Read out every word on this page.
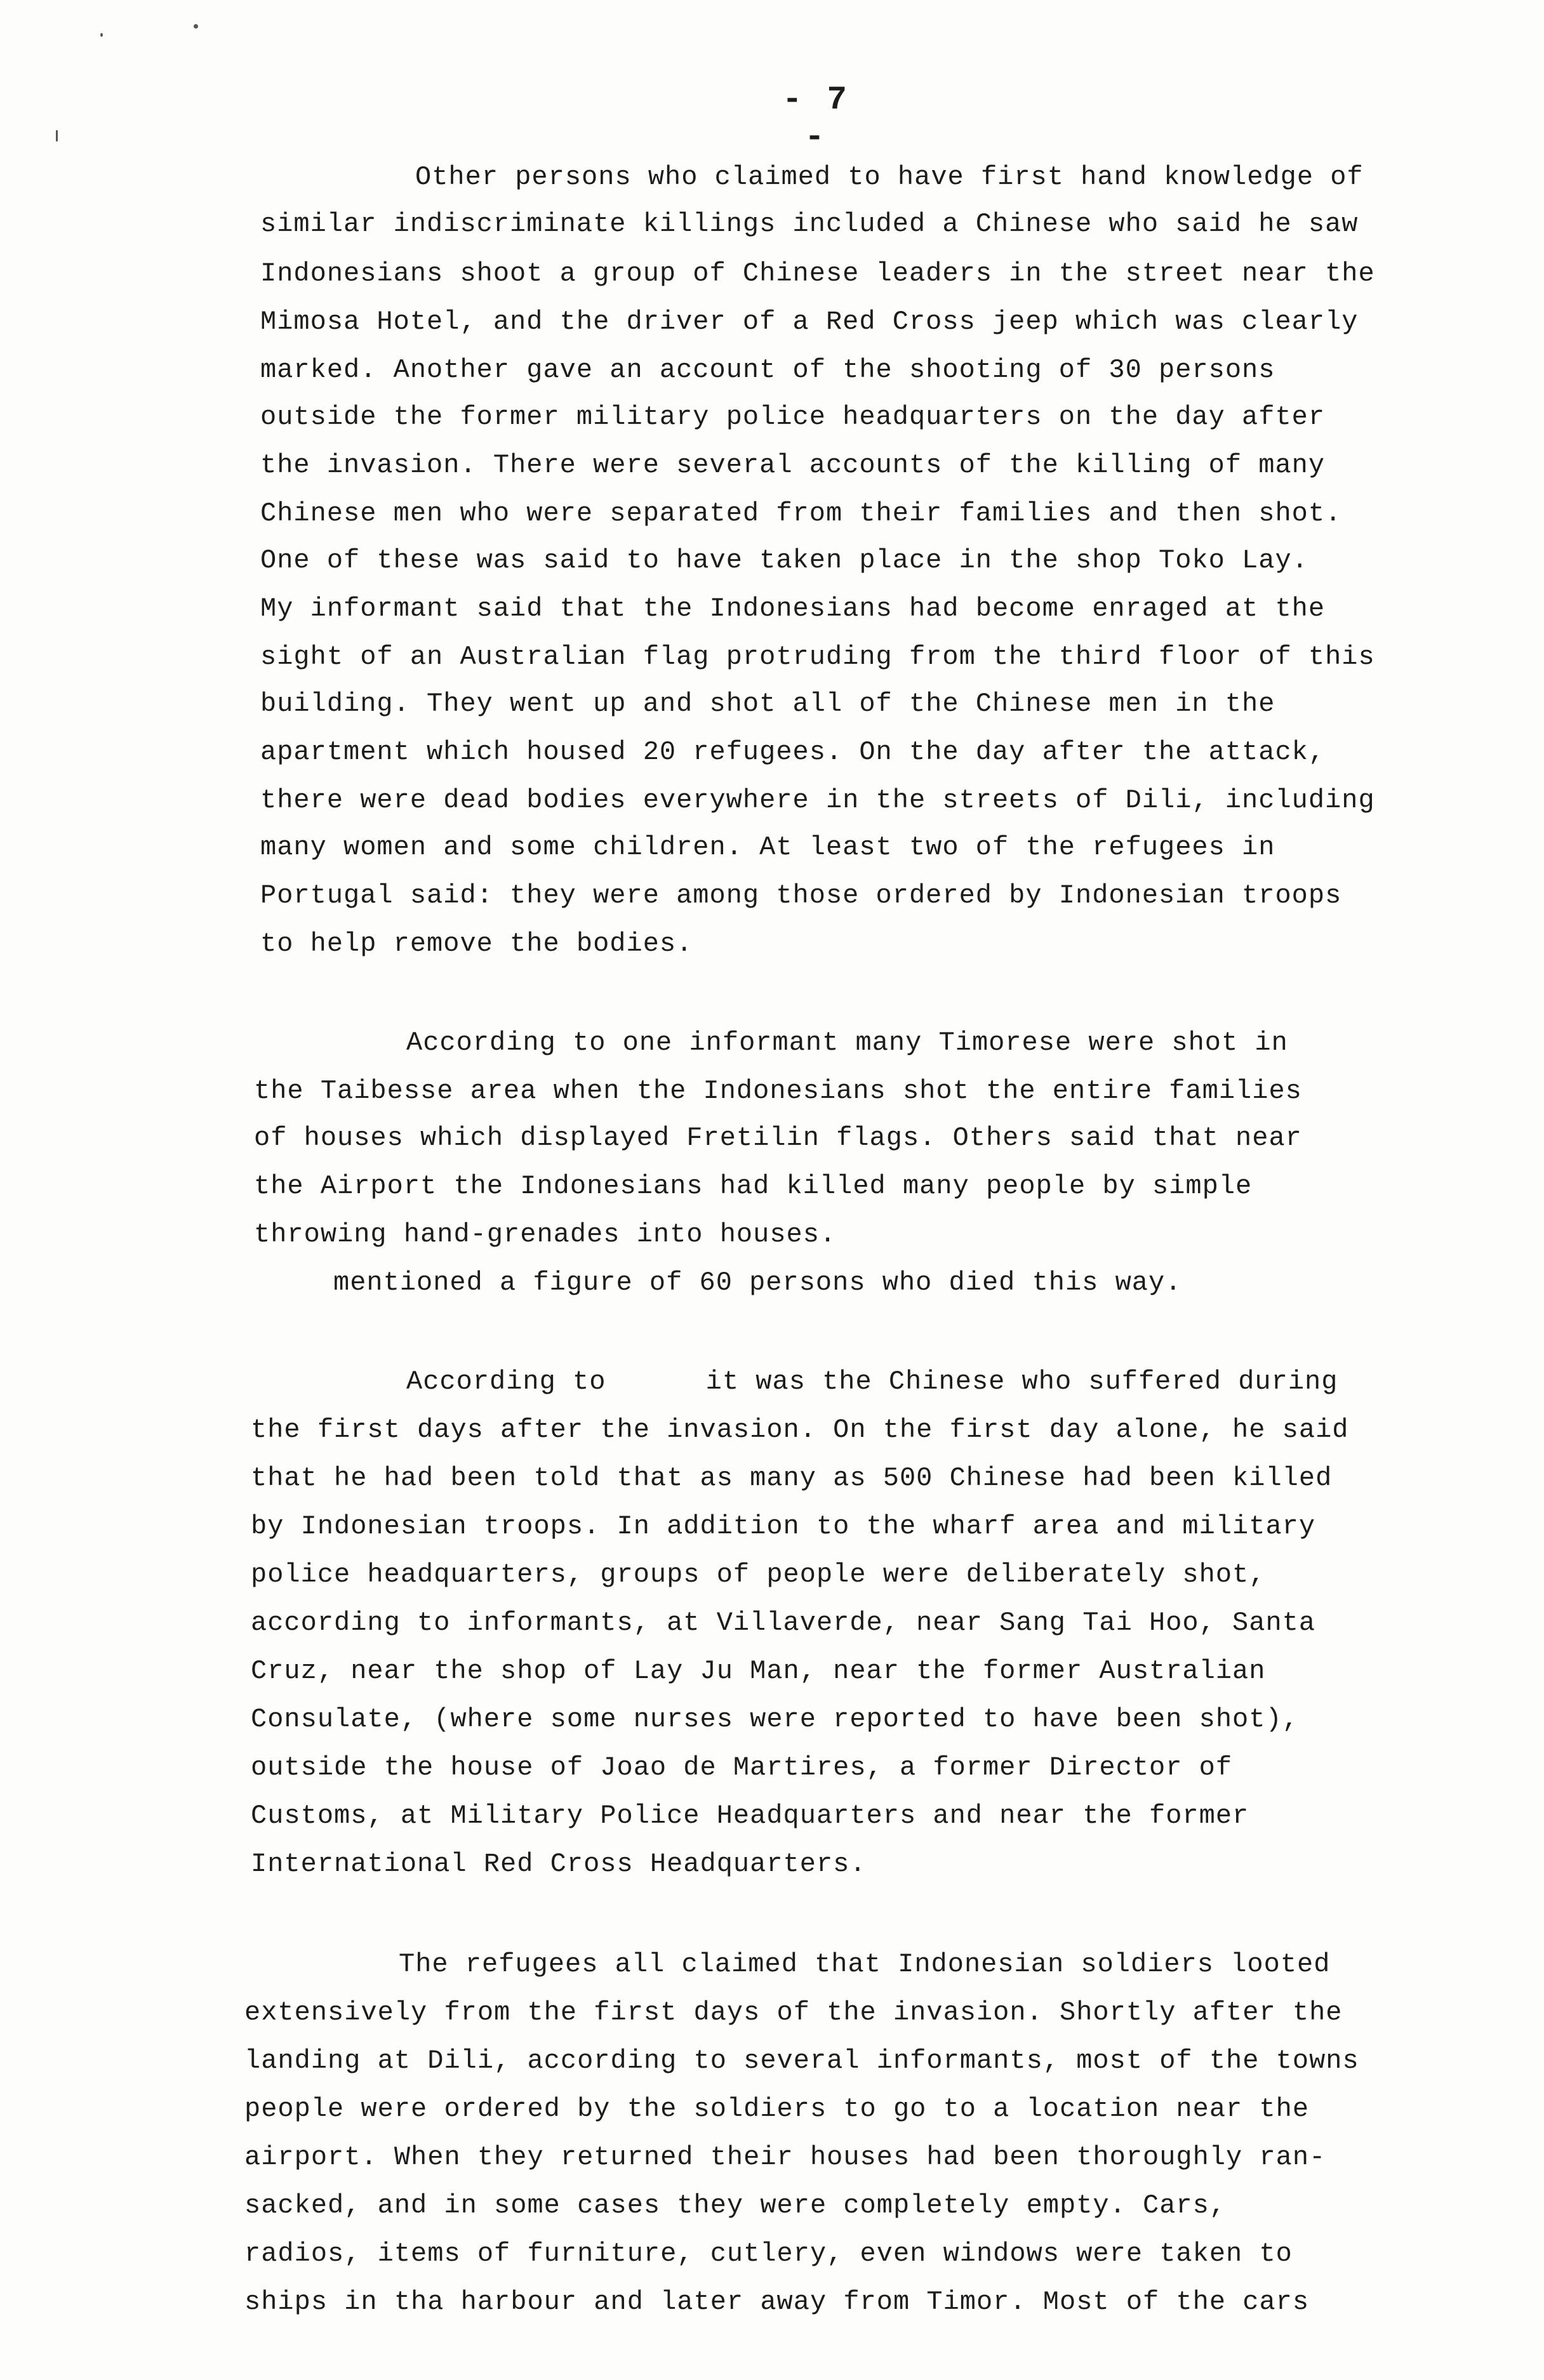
- 7 -
Other persons who claimed to have first hand knowledge of
similar indiscriminate killings included a Chinese who said he saw
Indonesians shoot a group of Chinese leaders in the street near the
Mimosa Hotel, and the driver of a Red Cross jeep which was clearly
marked. Another gave an account of the shooting of 30 persons
outside the former military police headquarters on the day after
the invasion. There were several accounts of the killing of many
Chinese men who were separated from their families and then shot.
One of these was said to have taken place in the shop Toko Lay.
My informant said that the Indonesians had become enraged at the
sight of an Australian flag protruding from the third floor of this
building. They went up and shot all of the Chinese men in the
apartment which housed 20 refugees. On the day after the attack,
there were dead bodies everywhere in the streets of Dili, including
many women and some children. At least two of the refugees in
Portugal said: they were among those ordered by Indonesian troops
to help remove the bodies.
According to one informant many Timorese were shot in
the Taibesse area when the Indonesians shot the entire families
of houses which displayed Fretilin flags. Others said that near
the Airport the Indonesians had killed many people by simple
throwing hand-grenades into houses.
mentioned a figure of 60 persons who died this way.
According to      it was the Chinese who suffered during
the first days after the invasion. On the first day alone, he said
that he had been told that as many as 500 Chinese had been killed
by Indonesian troops. In addition to the wharf area and military
police headquarters, groups of people were deliberately shot,
according to informants, at Villaverde, near Sang Tai Hoo, Santa
Cruz, near the shop of Lay Ju Man, near the former Australian
Consulate, (where some nurses were reported to have been shot),
outside the house of Joao de Martires, a former Director of
Customs, at Military Police Headquarters and near the former
International Red Cross Headquarters.
The refugees all claimed that Indonesian soldiers looted
extensively from the first days of the invasion. Shortly after the
landing at Dili, according to several informants, most of the towns
people were ordered by the soldiers to go to a location near the
airport. When they returned their houses had been thoroughly ran-
sacked, and in some cases they were completely empty. Cars,
radios, items of furniture, cutlery, even windows were taken to
ships in tha harbour and later away from Timor. Most of the cars
